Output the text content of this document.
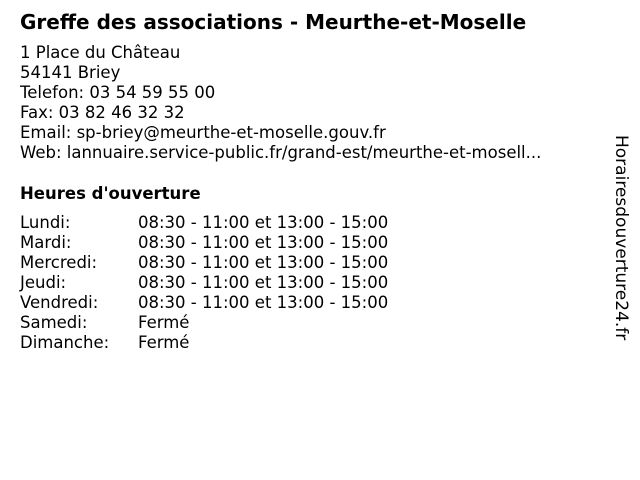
Greffe des associations - Meurthe-et-Moselle
1 Place du Château
54141 Briey
Telefon: 03 54 59 55 00
Fax: 03 82 46 32 32
Email: sp-briey@meurthe-et-moselle.gouv.fr
Web: lannuaire.service-public.fr/grand-est/meurthe-et-mosell...
Heures d'ouverture
Lundi:	08:30 - 11:00 et 13:00 - 15:00
Mardi:	08:30 - 11:00 et 13:00 - 15:00
Mercredi: 08:30 - 11:00 et 13:00 - 15:00
Jeudi:	08:30 - 11:00 et 13:00 - 15:00
Vendredi: 08:30 - 11:00 et 13:00 - 15:00
Samedi:	Fermé
Dimanche: Fermé
Horairesdouverture24.fr
